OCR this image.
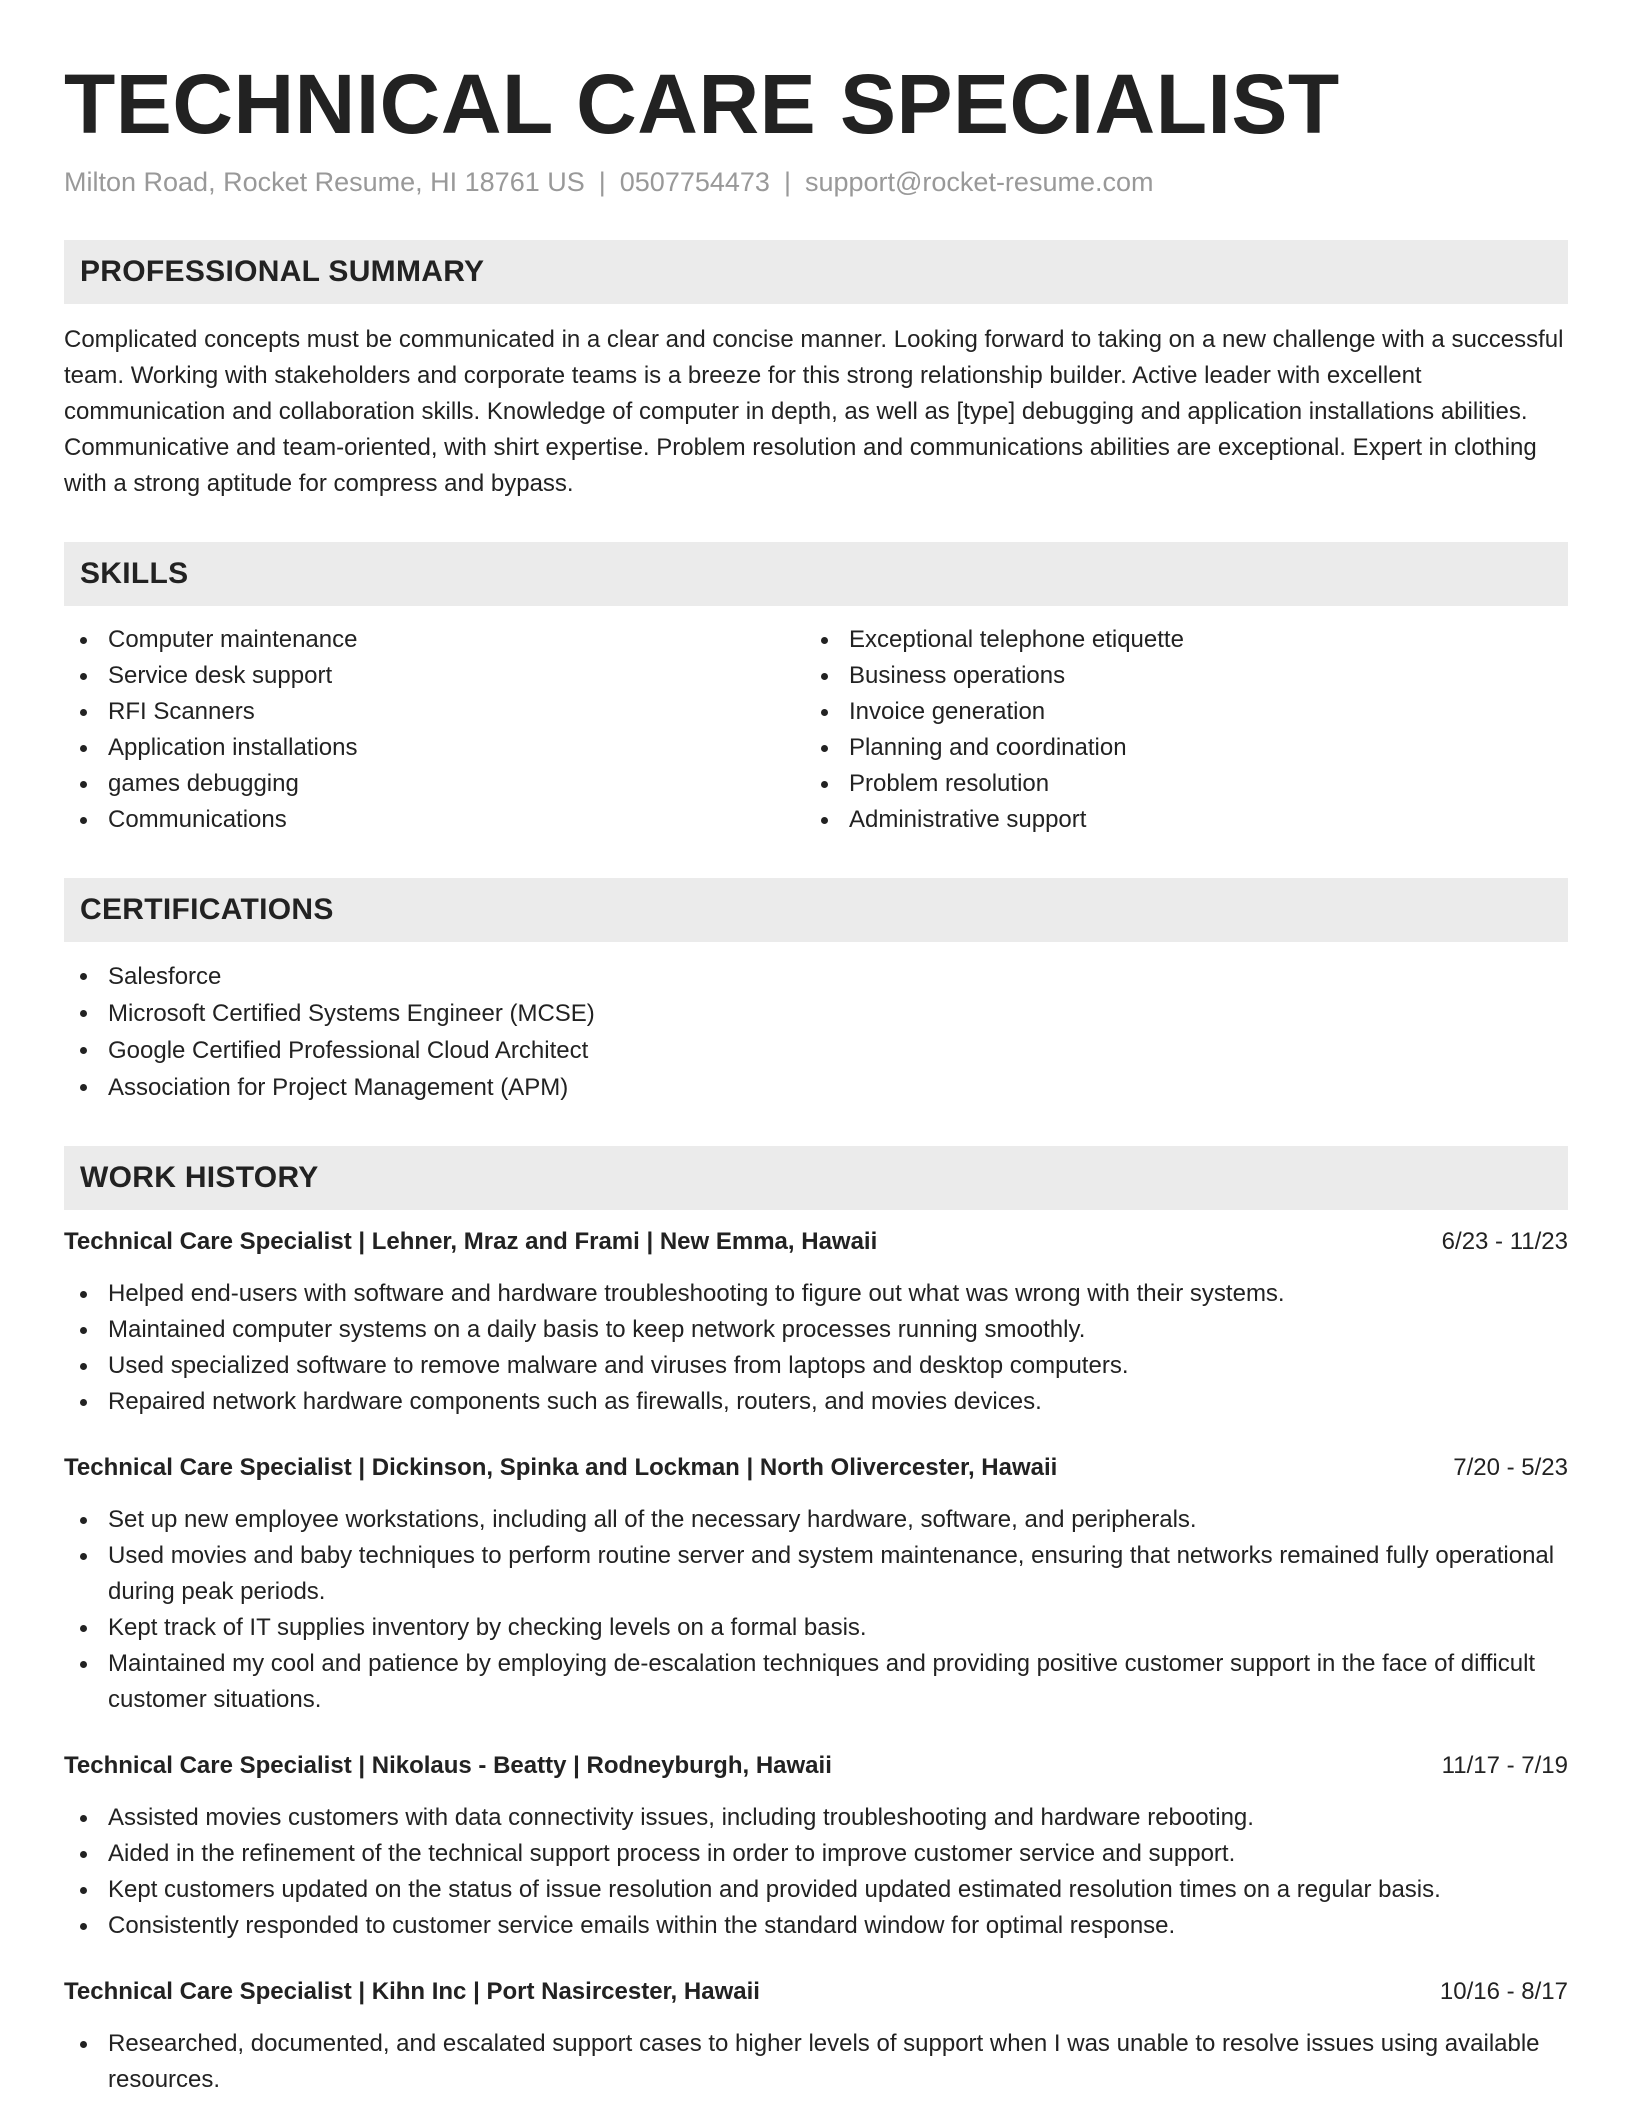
TECHNICAL CARE SPECIALIST
Milton Road, Rocket Resume, HI 18761 US | 0507754473 | support@rocket-resume.com
PROFESSIONAL SUMMARY

Complicated concepts must be communicated in a clear and concise manner. Looking forward to taking on a new challenge with a successful team. Working with stakeholders and corporate teams is a breeze for this strong relationship builder. Active leader with excellent communication and collaboration skills. Knowledge of computer in depth, as well as [type] debugging and application installations abilities. Communicative and team-oriented, with shirt expertise. Problem resolution and communications abilities are exceptional. Expert in clothing with a strong aptitude for compress and bypass.

SKILLS
Computer maintenance
Service desk support
RFI Scanners
Application installations
games debugging
Communications
Exceptional telephone etiquette
Business operations
Invoice generation
Planning and coordination
Problem resolution
Administrative support
CERTIFICATIONS
Salesforce
Microsoft Certified Systems Engineer (MCSE)
Google Certified Professional Cloud Architect
Association for Project Management (APM)
WORK HISTORY
Technical Care Specialist | Lehner, Mraz and Frami | New Emma, Hawaii	6/23 - 11/23
Helped end-users with software and hardware troubleshooting to figure out what was wrong with their systems.
Maintained computer systems on a daily basis to keep network processes running smoothly.
Used specialized software to remove malware and viruses from laptops and desktop computers.
Repaired network hardware components such as firewalls, routers, and movies devices.
Technical Care Specialist | Dickinson, Spinka and Lockman | North Olivercester, Hawaii	7/20 - 5/23
Set up new employee workstations, including all of the necessary hardware, software, and peripherals.
Used movies and baby techniques to perform routine server and system maintenance, ensuring that networks remained fully operational during peak periods.
Kept track of IT supplies inventory by checking levels on a formal basis.
Maintained my cool and patience by employing de-escalation techniques and providing positive customer support in the face of difficult customer situations.
Technical Care Specialist | Nikolaus - Beatty | Rodneyburgh, Hawaii	11/17 - 7/19
Assisted movies customers with data connectivity issues, including troubleshooting and hardware rebooting.
Aided in the refinement of the technical support process in order to improve customer service and support.
Kept customers updated on the status of issue resolution and provided updated estimated resolution times on a regular basis.
Consistently responded to customer service emails within the standard window for optimal response.
Technical Care Specialist | Kihn Inc | Port Nasircester, Hawaii	10/16 - 8/17
Researched, documented, and escalated support cases to higher levels of support when I was unable to resolve issues using available resources.
